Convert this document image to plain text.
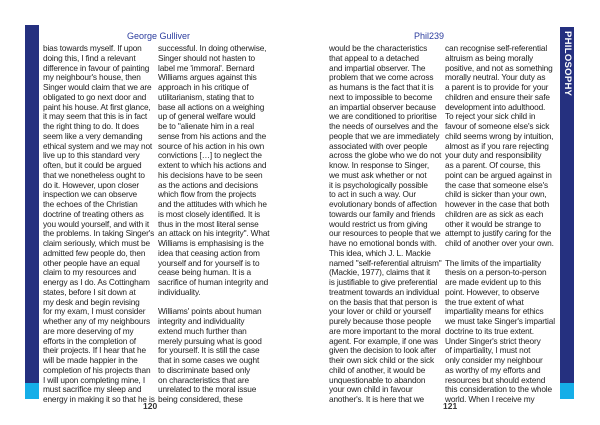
PHILOSOPHY
George Gulliver	Phil239
bias towards myself. If upon
doing this, I find a relevant
difference in favour of painting
my neighbour's house, then
Singer would claim that we are
obligated to go next door and
paint his house. At first glance,
it may seem that this is in fact
the right thing to do. It does
seem like a very demanding
ethical system and we may not
live up to this standard very
often, but it could be argued
that we nonetheless ought to
do it. However, upon closer
inspection we can observe
the echoes of the Christian
doctrine of treating others as
you would yourself, and with it
the problems. In taking Singer's
claim seriously, which must be
admitted few people do, then
other people have an equal
claim to my resources and
energy as I do. As Cottingham
states, before I sit down at
my desk and begin revising
for my exam, I must consider
whether any of my neighbours
are more deserving of my
efforts in the completion of
their projects. If I hear that he
will be made happier in the
completion of his projects than
I will upon completing mine, I
must sacrifice my sleep and
energy in making it so that he is
successful. In doing otherwise,
Singer should not hasten to
label me 'immoral'. Bernard
Williams argues against this
approach in his critique of
utilitarianism, stating that to
base all actions on a weighing
up of general welfare would
be to "alienate him in a real
sense from his actions and the
source of his action in his own
convictions […] to neglect the
extent to which his actions and
his decisions have to be seen
as the actions and decisions
which flow from the projects
and the attitudes with which he
is most closely identified. It is
thus in the most literal sense
an attack on his integrity". What
Williams is emphasising is the
idea that ceasing action from
yourself and for yourself is to
cease being human. It is a
sacrifice of human integrity and
individuality.
Williams' points about human
integrity and individuality
extend much further than
merely pursuing what is good
for yourself. It is still the case
that in some cases we ought
to discriminate based only
on characteristics that are
unrelated to the moral issue
being considered, these
would be the characteristics
that appeal to a detached
and impartial observer. The
problem that we come across
as humans is the fact that it is
next to impossible to become
an impartial observer because
we are conditioned to prioritise
the needs of ourselves and the
people that we are immediately
associated with over people
across the globe who we do not
know. In response to Singer,
we must ask whether or not
it is psychologically possible
to act in such a way. Our
evolutionary bonds of affection
towards our family and friends
would restrict us from giving
our resources to people that we
have no emotional bonds with.
This idea, which J. L. Mackie
named "self-referential altruism"
(Mackie, 1977), claims that it
is justifiable to give preferential
treatment towards an individual
on the basis that that person is
your lover or child or yourself
purely because those people
are more important to the moral
agent. For example, if one was
given the decision to look after
their own sick child or the sick
child of another, it would be
unquestionable to abandon
your own child in favour
another's. It is here that we
can recognise self-referential
altruism as being morally
positive, and not as something
morally neutral. Your duty as
a parent is to provide for your
children and ensure their safe
development into adulthood.
To reject your sick child in
favour of someone else's sick
child seems wrong by intuition,
almost as if you rare rejecting
your duty and responsibility
as a parent. Of course, this
point can be argued against in
the case that someone else's
child is sicker than your own,
however in the case that both
children are as sick as each
other it would be strange to
attempt to justify caring for the
child of another over your own.
The limits of the impartiality
thesis on a person-to-person
are made evident up to this
point. However, to observe
the true extent of what
impartiality means for ethics
we must take Singer's impartial
doctrine to its true extent.
Under Singer's strict theory
of impartiality, I must not
only consider my neighbour
as worthy of my efforts and
resources but should extend
this consideration to the whole
world. When I receive my
120	121
